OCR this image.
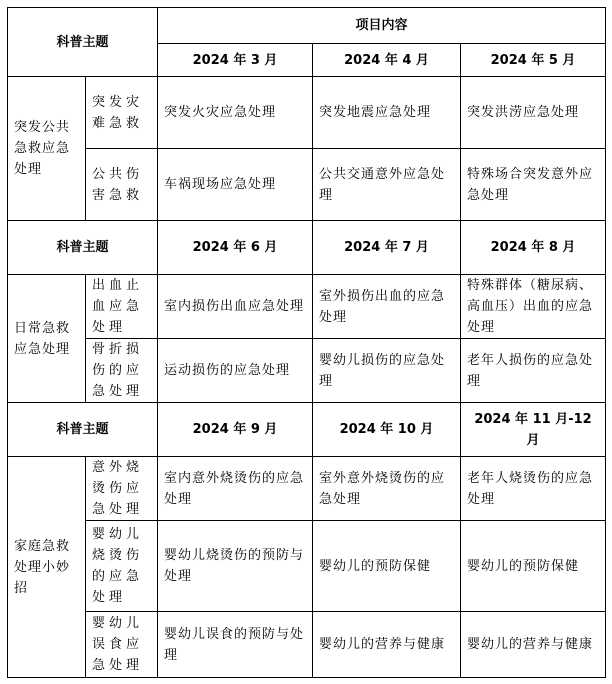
科普主题		项目内容		
		2024 年 3 月	2024 年 4 月	2024 年 5 月
突发公共急救应急处理	突发灾难急救	突发火灾应急处理	突发地震应急处理	突发洪涝应急处理
	公共伤害急救	车祸现场应急处理	公共交通意外应急处理	特殊场合突发意外应急处理
科普主题		2024 年 6 月	2024 年 7 月	2024 年 8 月
日常急救应急处理	出血止血应急处理	室内损伤出血应急处理	室外损伤出血的应急处理	特殊群体（糖尿病、高血压）出血的应急处理
	骨折损伤的应急处理	运动损伤的应急处理	婴幼儿损伤的应急处理	老年人损伤的应急处理
科普主题		2024 年 9 月	2024 年 10 月	2024 年 11 月-12 月
家庭急救处理小妙招	意外烧烫伤应急处理	室内意外烧烫伤的应急处理	室外意外烧烫伤的应急处理	老年人烧烫伤的应急处理
	婴幼儿烧烫伤的应急处理	婴幼儿烧烫伤的预防与处理	婴幼儿的预防保健	婴幼儿的预防保健
	婴幼儿误食应急处理	婴幼儿误食的预防与处理	婴幼儿的营养与健康	婴幼儿的营养与健康
